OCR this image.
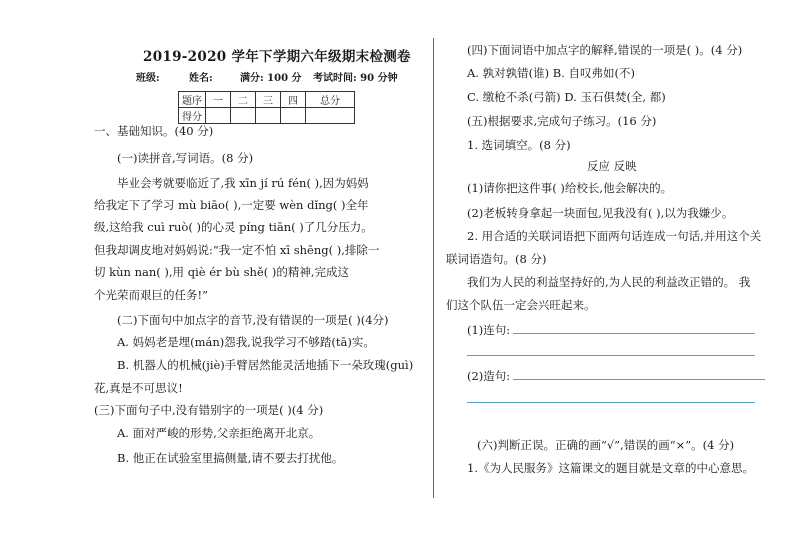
2019-2020 学年下学期六年级期末检测卷
班级:	姓名:	满分: 100 分 考试时间: 90 分钟
题序	一	二	三	四	总分
得分					
一、基础知识。(40 分)
(一)读拼音,写词语。(8 分)
毕业会考就要临近了,我 xīn jí rú fén( ),因为妈妈
给我定下了学习 mù biāo( ),一定要 wèn dǐng( )全年
级,这给我 cuì ruò( )的心灵 píng tiān( )了几分压力。
但我却调皮地对妈妈说:“我一定不怕 xī shēng( ),排除一
切 kùn nan( ),用 qiè ér bù shě( )的精神,完成这
个光荣而艰巨的任务!”
(二)下面句中加点字的音节,没有错误的一项是( )(4分)
A. 妈妈老是埋(mán)怨我,说我学习不够踏(tā)实。
B. 机器人的机械(jiè)手臂居然能灵活地插下一朵玫瑰(guì)
花,真是不可思议!
(三)下面句子中,没有错别字的一项是( )(4 分)
A. 面对严峻的形势,父亲拒绝离开北京。
B. 他正在试验室里搞侧量,请不要去打扰他。
(四)下面词语中加点字的解释,错误的一项是( )。(4 分)
A. 孰对孰错(谁) B. 自叹弗如(不)
C. 缴枪不杀(弓箭) D. 玉石俱焚(全, 都)
(五)根据要求,完成句子练习。(16 分)
1. 选词填空。(8 分)
反应 反映
(1)请你把这件事( )给校长,他会解决的。
(2)老板转身拿起一块面包,见我没有( ),以为我嫌少。
2. 用合适的关联词语把下面两句话连成一句话,并用这个关
联词语造句。(8 分)
我们为人民的利益坚持好的,为人民的利益改正错的。 我
们这个队伍一定会兴旺起来。
(1)连句:
(2)造句:
(六)判断正误。正确的画“√”,错误的画“×”。(4 分)
1.《为人民服务》这篇课文的题目就是文章的中心意思。
